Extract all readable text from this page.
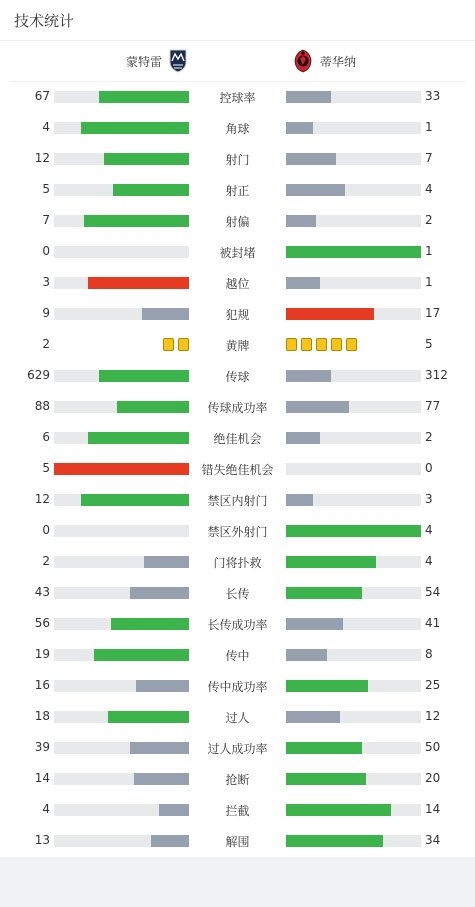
技术统计
蒙特雷	蒂华纳
67	控球率	33
4	角球	1
12	射门	7
5	射正	4
7	射偏	2
0	被封堵	1
3	越位	1
9	犯规	17
2	黄牌	5
629	传球	312
88	传球成功率	77
6	绝佳机会	2
5	错失绝佳机会	0
12	禁区内射门	3
0	禁区外射门	4
2	门将扑救	4
43	长传	54
56	长传成功率	41
19	传中	8
16	传中成功率	25
18	过人	12
39	过人成功率	50
14	抢断	20
4	拦截	14
13	解围	34
